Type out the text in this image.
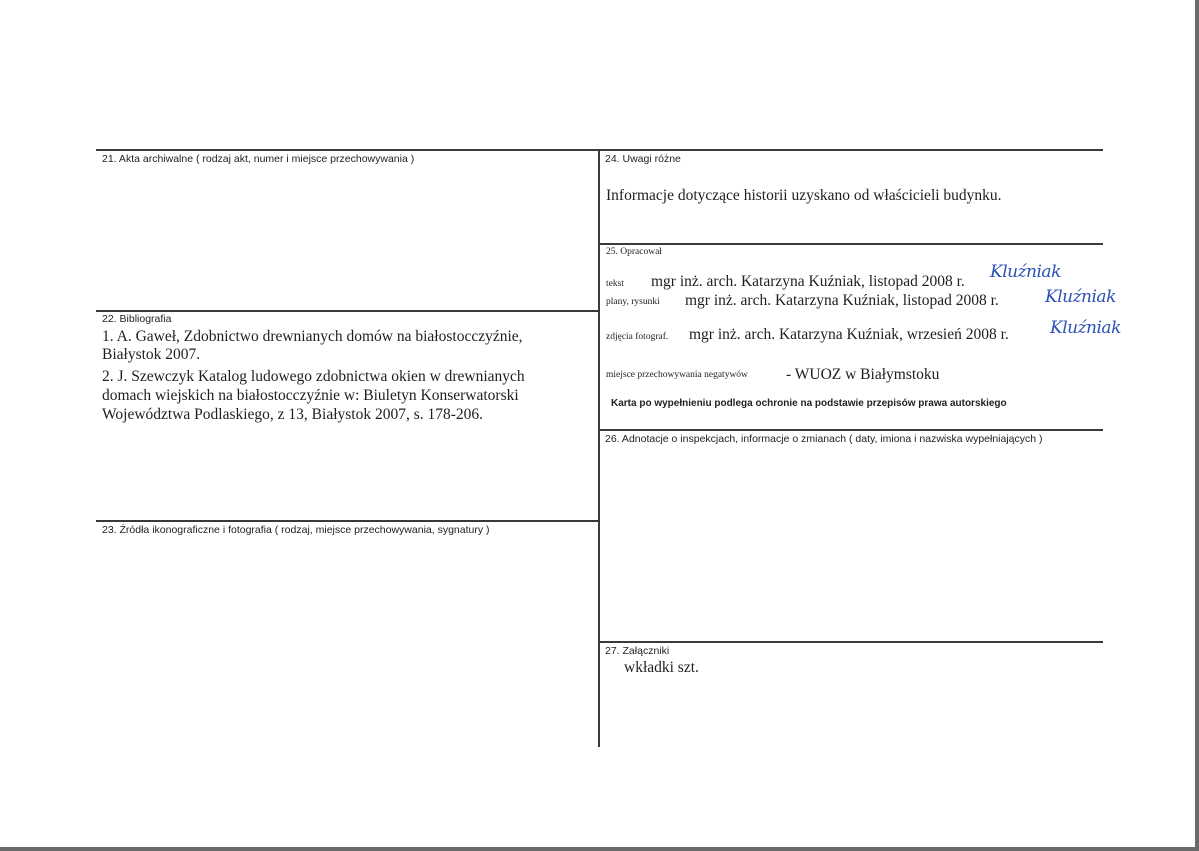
21. Akta archiwalne ( rodzaj akt, numer i miejsce przechowywania )
22. Bibliografia
1. A. Gaweł, Zdobnictwo drewnianych domów na białostocczyźnie,
Białystok 2007.
2. J. Szewczyk Katalog ludowego zdobnictwa okien w drewnianych
domach wiejskich na białostocczyźnie w: Biuletyn Konserwatorski
Województwa Podlaskiego, z 13, Białystok 2007, s. 178-206.
23. Źródła ikonograficzne i fotografia ( rodzaj, miejsce przechowywania, sygnatury )
24. Uwagi różne
Informacje dotyczące historii uzyskano od właścicieli budynku.
25. Opracował
tekst mgr inż. arch. Katarzyna Kuźniak, listopad 2008 r. Kluźniak
plany, rysunki mgr inż. arch. Katarzyna Kuźniak, listopad 2008 r.	Kluźniak
zdjęcia fotograf. mgr inż. arch. Katarzyna Kuźniak, wrzesień 2008 r. Kluźniak
miejsce przechowywania negatywów - WUOZ w Białymstoku
Karta po wypełnieniu podlega ochronie na podstawie przepisów prawa autorskiego
26. Adnotacje o inspekcjach, informacje o zmianach ( daty, imiona i nazwiska wypełniających )
27. Załączniki
wkładki szt.
